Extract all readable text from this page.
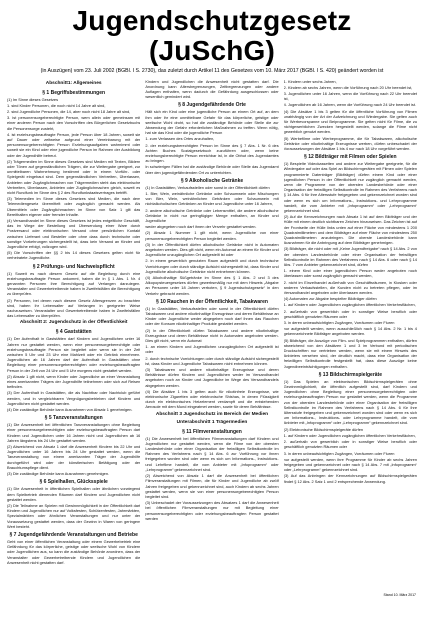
Jugendschutzgesetz (JuSchG)
(in Auszügen) vom 23. Juli 2002 (BGBl. I S. 2730), das zuletzt durch Artikel 11 des Gesetzes vom 10. März 2017 (BGBl. I S. 420) geändert worden ist
Abschnitt1: Allgemeines
§ 1 Begriffsbestimmungen
(1) Im Sinne dieses Gesetzes
1. sind Kinder Personen, die noch nicht 14 Jahre alt sind,
2. sind Jugendliche Personen, die 14, aber noch nicht 18 Jahre alt sind,
3. ist personensorgeberechtigte Person, wem allein oder gemeinsam mit einer anderen Person nach den Vorschriften des Bürgerlichen Gesetzbuchs die Personensorge zusteht,
4. ist erziehungsbeauftragte Person, jede Person über 18 Jahren, soweit sie auf Dauer oder zeitweise aufgrund einer Vereinbarung mit der personensorgeberechtigten Person Erziehungsaufgaben wahrnimmt oder soweit sie ein Kind oder eine jugendliche Person im Rahmen der Ausbildung oder der Jugendhilfe betreut.
(2) Trägermedien im Sinne dieses Gesetzes sind Medien mit Texten, Bildern oder Tönen auf gegenständlichen Trägern, die zur Weitergabe geeignet, zur unmittelbaren Wahrnehmung bestimmt oder in einem Vorführ- oder Spielgerät eingebaut sind. Dem gegenständlichen Verbreiten, Überlassen, Anbieten oder Zugänglichmachen von Trägermedien steht das elektronische Verbreiten, Überlassen, Anbieten oder Zugänglichmachen gleich, soweit es nicht Rundfunk im Sinne des § 2 des Rundfunkstaatsvertrages betrifft.
(3) Telemedien im Sinne dieses Gesetzes sind Medien, die nach dem Telemediengesetz übermittelt oder zugänglich gemacht werden. Als Übermitteln oder Zugänglichmachen im Sinne von Satz 1 gilt das Bereithalten eigener oder fremder Inhalte.
(4) Versandhandel im Sinne dieses Gesetzes ist jedes entgeltliche Geschäft, das im Wege der Bestellung und Übersendung einer Ware durch Postversand oder elektronischen Versand ohne persönlichen Kontakt zwischen Lieferant und Besteller oder ohne dass durch technische oder sonstige Vorkehrungen sichergestellt ist, dass kein Versand an Kinder und Jugendliche erfolgt, vollzogen wird.
(5) Die Vorschriften der §§ 2 bis 14 dieses Gesetzes gelten nicht für verheiratete Jugendliche.
§ 2 Prüfungs- und Nachweispflicht
(1) Soweit es nach diesem Gesetz auf die Begleitung durch eine erziehungsbeauftragte Person ankommt, haben die in § 1 Abs. 1 Nr. 4 genannten Personen ihre Berechtigung auf Verlangen darzulegen. Veranstalter und Gewerbetreibende haben in Zweifelsfällen die Berechtigung zu überprüfen.
(2) Personen, bei denen nach diesem Gesetz Altersgrenzen zu beachten sind, haben ihr Lebensalter auf Verlangen in geeigneter Weise nachzuweisen. Veranstalter und Gewerbetreibende haben in Zweifelsfällen das Lebensalter zu überprüfen.
Abschnitt 2: Jugendschutz in der Öffentlichkeit
§ 4 Gaststätten
(1) Der Aufenthalt in Gaststätten darf Kindern und Jugendlichen unter 16 Jahren nur gestattet werden, wenn eine personensorgeberechtigte oder erziehungsbeauftragte Person sie begleitet oder wenn sie in der Zeit zwischen 5 Uhr und 23 Uhr eine Mahlzeit oder ein Getränk einnehmen. Jugendlichen ab 16 Jahren darf der Aufenthalt in Gaststätten ohne Begleitung einer personensorgeberechtigten oder erziehungsbeauftragten Person in der Zeit von 24 Uhr und 5 Uhr morgens nicht gestattet werden.
(2) Absatz 1 gilt nicht, wenn Kinder oder Jugendliche an einer Veranstaltung eines anerkannten Trägers der Jugendhilfe teilnehmen oder sich auf Reisen befinden.
(3) Der Aufenthalt in Gaststätten, die als Nachtbar oder Nachtclub geführt werden, und in vergleichbaren Vergnügungsbetrieben darf Kindern und Jugendlichen nicht gestattet werden.
(4) Die zuständige Behörde kann Ausnahmen von Absatz 1 genehmigen.
§ 5 Tanzveranstaltungen
(1) Die Anwesenheit bei öffentlichen Tanzveranstaltungen ohne Begleitung einer personensorgeberechtigten oder erziehungsbeauftragten Person darf Kindern und Jugendlichen unter 16 Jahren nicht und Jugendlichen ab 16 Jahren längstens bis 24 Uhr gestattet werden.
(2) Abweichend von Absatz 1 darf die Anwesenheit Kindern bis 22 Uhr und Jugendlichen unter 16 Jahren bis 24 Uhr gestattet werden, wenn die Tanzveranstaltung von einem anerkannten Träger der Jugendhilfe durchgeführt wird oder der künstlerischen Betätigung oder der Brauchtumspflege dient.
(3) Die zuständige Behörde kann Ausnahmen genehmigen.
§ 6 Spielhallen, Glücksspiele
(1) Die Anwesenheit in öffentlichen Spielhallen oder ähnlichen vorwiegend dem Spielbetrieb dienenden Räumen darf Kindern und Jugendlichen nicht gestattet werden.
(2) Die Teilnahme an Spielen mit Gewinnmöglichkeit in der Öffentlichkeit darf Kindern und Jugendlichen nur auf Volksfesten, Schützenfesten, Jahrmärkten, Spezialmärkten oder ähnlichen Veranstaltungen und nur unter der Voraussetzung gestattet werden, dass der Gewinn in Waren von geringem Wert besteht.
§ 7 Jugendgefährdende Veranstaltungen und Betriebe
Geht von einer öffentlichen Veranstaltung oder einem Gewerbebetrieb eine Gefährdung für das körperliche, geistige oder seelische Wohl von Kindern oder Jugendlichen aus, so kann die zuständige Behörde anordnen, dass der Veranstalter oder Gewerbetreibende Kindern und Jugendlichen die Anwesenheit nicht gestatten darf.
Kindern und Jugendlichen die Anwesenheit nicht gestatten darf. Die Anordnung kann Altersbegrenzungen, Zeitbegrenzungen oder andere Auflagen enthalten, wenn dadurch die Gefährdung ausgeschlossen oder wesentlich gemindert wird.
§ 8 Jugendgefährdende Orte
Hält sich ein Kind oder eine jugendliche Person an einem Ort auf, an dem ihm oder ihr eine unmittelbare Gefahr für das körperliche, geistige oder seelische Wohl droht, so hat die zuständige Behörde oder Stelle die zur Abwendung der Gefahr erforderlichen Maßnahmen zu treffen. Wenn nötig, hat sie das Kind oder die jugendliche Person
1. zum Verlassen des Ortes anzuhalten,
2. der erziehungsberechtigten Person im Sinne des § 7 Abs. 1 Nr. 6 des Achten Buches Sozialgesetzbuch zuzuführen oder, wenn keine erziehungsberechtigte Person erreichbar ist, in die Obhut des Jugendamtes zu bringen.
In schwierigen Fällen hat die zuständige Behörde oder Stelle das Jugendamt über den jugendgefährdenden Ort zu unterrichten.
§ 9 Alkoholische Getränke
(1) In Gaststätten, Verkaufsstellen oder sonst in der Öffentlichkeit dürfen
1. Bier, Wein, weinähnliche Getränke oder Schaumwein oder Mischungen von Bier, Wein, weinähnlichen Getränken oder Schaumwein mit nichtalkoholischen Getränken an Kinder und Jugendliche unter 16 Jahren,
2. andere alkoholische Getränke oder Lebensmittel, die andere alkoholische Getränke in nicht nur geringfügiger Menge enthalten, an Kinder und Jugendliche
weder abgegeben noch darf ihnen der Verzehr gestattet werden.
(2) Absatz 1 Nummer 1 gilt nicht, wenn Jugendliche von einer personensorgeberechtigten Person begleitet werden.
(3) In der Öffentlichkeit dürfen alkoholische Getränke nicht in Automaten angeboten werden. Dies gilt nicht, wenn ein Automat an einem für Kinder und Jugendliche unzugänglichen Ort aufgestellt ist oder
2. in einem gewerblich genutzten Raum aufgestellt und durch technische Vorrichtungen oder durch ständige Aufsicht sichergestellt ist, dass Kinder und Jugendliche alkoholische Getränke nicht entnehmen können.
(4) Alkoholhaltige Süßgetränke im Sinne des § 1 Abs. 2 und 3 des Alkopopsteuergesetzes dürfen gewerbsmäßig nur mit dem Hinweis „Abgabe an Personen unter 18 Jahren verboten, § 9 Jugendschutzgesetz“ in den Verkehr gebracht werden.
§ 10 Rauchen in der Öffentlichkeit, Tabakwaren
(1) In Gaststätten, Verkaufsstellen oder sonst in der Öffentlichkeit dürfen Tabakwaren und andere nikotinhaltige Erzeugnisse und deren Behältnisse an Kinder oder Jugendliche weder abgegeben noch darf ihnen das Rauchen oder der Konsum nikotinhaltiger Produkte gestattet werden.
(2) In der Öffentlichkeit dürfen Tabakwaren und andere nikotinhaltige Erzeugnisse und deren Behältnisse nicht in Automaten angeboten werden. Dies gilt nicht, wenn ein Automat
1. an einem Kindern und Jugendlichen unzugänglichen Ort aufgestellt ist oder
2. durch technische Vorrichtungen oder durch ständige Aufsicht sichergestellt ist, dass Kinder und Jugendliche Tabakwaren nicht entnehmen können.
(3) Tabakwaren und andere nikotinhaltige Erzeugnisse und deren Behältnisse dürfen Kindern und Jugendlichen weder im Versandhandel angeboten noch an Kinder und Jugendliche im Wege des Versandhandels abgegeben werden.
(4) Die Absätze 1 bis 3 gelten auch für nikotinfreie Erzeugnisse, wie elektronische Zigaretten oder elektronische Shishas, in denen Flüssigkeit durch ein elektronisches Heizelement verdampft und die entstehenden Aerosole mit dem Mund eingeatmet werden, sowie für deren Behältnisse.
Abschnitt 3 Jugendschutz im Bereich der Medien
Unterabschnitt 1 Trägermedien
§ 11 Filmveranstaltungen
(1) Die Anwesenheit bei öffentlichen Filmveranstaltungen darf Kindern und Jugendlichen nur gestattet werden, wenn die Filme von der obersten Landesbehörde oder einer Organisation der freiwilligen Selbstkontrolle im Rahmen des Verfahrens nach § 14 Abs. 6 zur Vorführung vor ihnen freigegeben worden sind oder wenn es sich um Informations-, Instruktions- und Lehrfilme handelt, die vom Anbieter mit „Infoprogramm“ oder „Lehrprogramm“ gekennzeichnet sind.
(2) Abweichend von Absatz 1 darf die Anwesenheit bei öffentlichen Filmveranstaltungen mit Filmen, die für Kinder und Jugendliche ab zwölf Jahren freigegeben und gekennzeichnet sind, auch Kindern ab sechs Jahren gestattet werden, wenn sie von einer personensorgeberechtigten Person begleitet sind.
(3) Unbeschadet der Voraussetzungen des Absatzes 1 darf die Anwesenheit bei öffentlichen Filmveranstaltungen nur mit Begleitung einer personensorgeberechtigten oder erziehungsbeauftragten Person gestattet werden
1. Kindern unter sechs Jahren,
2. Kindern ab sechs Jahren, wenn die Vorführung nach 20 Uhr beendet ist,
3. Jugendlichen unter 16 Jahren, wenn die Vorführung nach 22 Uhr beendet ist,
4. Jugendlichen ab 16 Jahren, wenn die Vorführung nach 24 Uhr beendet ist.
(4) Die Absätze 1 bis 3 gelten für die öffentliche Vorführung von Filmen unabhängig von der Art der Aufzeichnung und Wiedergabe. Sie gelten auch für Werbevorspanne und Beiprogramme. Sie gelten nicht für Filme, die zu nichtgewerblichen Zwecken hergestellt werden, solange die Filme nicht gewerblich genutzt werden.
(5) Werbefilme oder Werbeprogramme, die für Tabakwaren, alkoholische Getränke oder nikotinhaltige Erzeugnisse werben, dürfen unbeschadet der Voraussetzungen der Absätze 1 bis 4 nur nach 18 Uhr vorgeführt werden.
§ 12 Bildträger mit Filmen oder Spielen
(1) Bespielte Videokassetten und andere zur Weitergabe geeignete, für die Wiedergabe auf oder das Spiel an Bildschirmgeräten mit Filmen oder Spielen programmierte Datenträger (Bildträger) dürfen einem Kind oder einer jugendlichen Person in der Öffentlichkeit nur zugänglich gemacht werden, wenn die Programme von der obersten Landesbehörde oder einer Organisation der freiwilligen Selbstkontrolle im Rahmen des Verfahrens nach § 14 Abs. 6 für ihre Altersstufe freigegeben und gekennzeichnet worden sind oder wenn es sich um Informations-, Instruktions- und Lehrprogramme handelt, die vom Anbieter mit „Infoprogramm“ oder „Lehrprogramm“ gekennzeichnet sind.
(2) Auf die Kennzeichnungen nach Absatz 1 ist auf dem Bildträger und der Hülle mit einem deutlich sichtbaren Zeichen hinzuweisen. Das Zeichen ist auf der Frontseite der Hülle links unten auf einer Fläche von mindestens 1 200 Quadratmillimetern und dem Bildträger auf einer Fläche von mindestens 250 Quadratmillimetern anzubringen. Die oberste Landesbehörde kann Ausnahmen für die Anbringung auf dem Bildträger genehmigen.
(3) Bildträger, die nicht oder mit „Keine Jugendfreigabe“ nach § 14 Abs. 2 von der obersten Landesbehörde oder einer Organisation der freiwilligen Selbstkontrolle im Rahmen des Verfahrens nach § 14 Abs. 6 oder nach § 14 Abs. 7 vom Anbieter gekennzeichnet sind, dürfen
1. einem Kind oder einer jugendlichen Person weder angeboten noch überlassen oder sonst zugänglich gemacht werden,
2. nicht im Einzelhandel außerhalb von Geschäftsräumen, in Kiosken oder anderen Verkaufsstellen, die Kunden nicht zu betreten pflegen, oder im Versandhandel angeboten oder überlassen werden.
(4) Automaten zur Abgabe bespielter Bildträger dürfen
1. auf Kindern oder Jugendlichen zugänglichen öffentlichen Verkehrsflächen,
2. außerhalb von gewerblich oder in sonstiger Weise beruflich oder geschäftlich genutzten Räumen oder
3. in deren unbeaufsichtigten Zugängen, Vorräumen oder Fluren
nur aufgestellt werden, wenn ausschließlich nach § 14 Abs. 2 Nr. 1 bis 4 gekennzeichnete Bildträger angeboten werden.
(5) Bildträger, die Auszüge von Film- und Spielprogrammen enthalten, dürfen abweichend von den Absätzen 1 und 3 im Verbund mit periodischen Druckschriften nur vertrieben werden, wenn sie mit einem Hinweis des Anbieters versehen sind, der deutlich macht, dass eine Organisation der freiwilligen Selbstkontrolle festgestellt hat, dass diese Auszüge keine Jugendbeeinträchtigungen enthalten.
§ 13 Bildschirmspielgeräte
(1) Das Spielen an elektronischen Bildschirmspielgeräten ohne Gewinnmöglichkeit, die öffentlich aufgestellt sind, darf Kindern und Jugendlichen ohne Begleitung einer personensorgeberechtigten oder erziehungsbeauftragten Person nur gestattet werden, wenn die Programme von der obersten Landesbehörde oder einer Organisation der freiwilligen Selbstkontrolle im Rahmen des Verfahrens nach § 14 Abs. 6 für ihre Altersstufe freigegeben und gekennzeichnet worden sind oder wenn es sich um Informations-, Instruktions- oder Lehrprogramme handelt, die vom Anbieter mit „Infoprogramm“ oder „Lehrprogramm“ gekennzeichnet sind.
(2) Elektronische Bildschirmspielgeräte dürfen
1. auf Kindern oder Jugendlichen zugänglichen öffentlichen Verkehrsflächen,
2. außerhalb von gewerblich oder in sonstiger Weise beruflich oder geschäftlich genutzten Räumen oder
3. in deren unbeaufsichtigten Zugängen, Vorräumen oder Fluren
nur aufgestellt werden, wenn ihre Programme für Kinder ab sechs Jahren freigegeben und gekennzeichnet oder nach § 14 Abs. 7 mit „Infoprogramm“ oder „Lehrprogramm“ gekennzeichnet sind.
(3) Auf das Anbringen der Kennzeichnungen auf Bildschirmspielgeräten findet § 12 Abs. 2 Satz 1 und 2 entsprechende Anwendung.
Stand 10. März 2017
